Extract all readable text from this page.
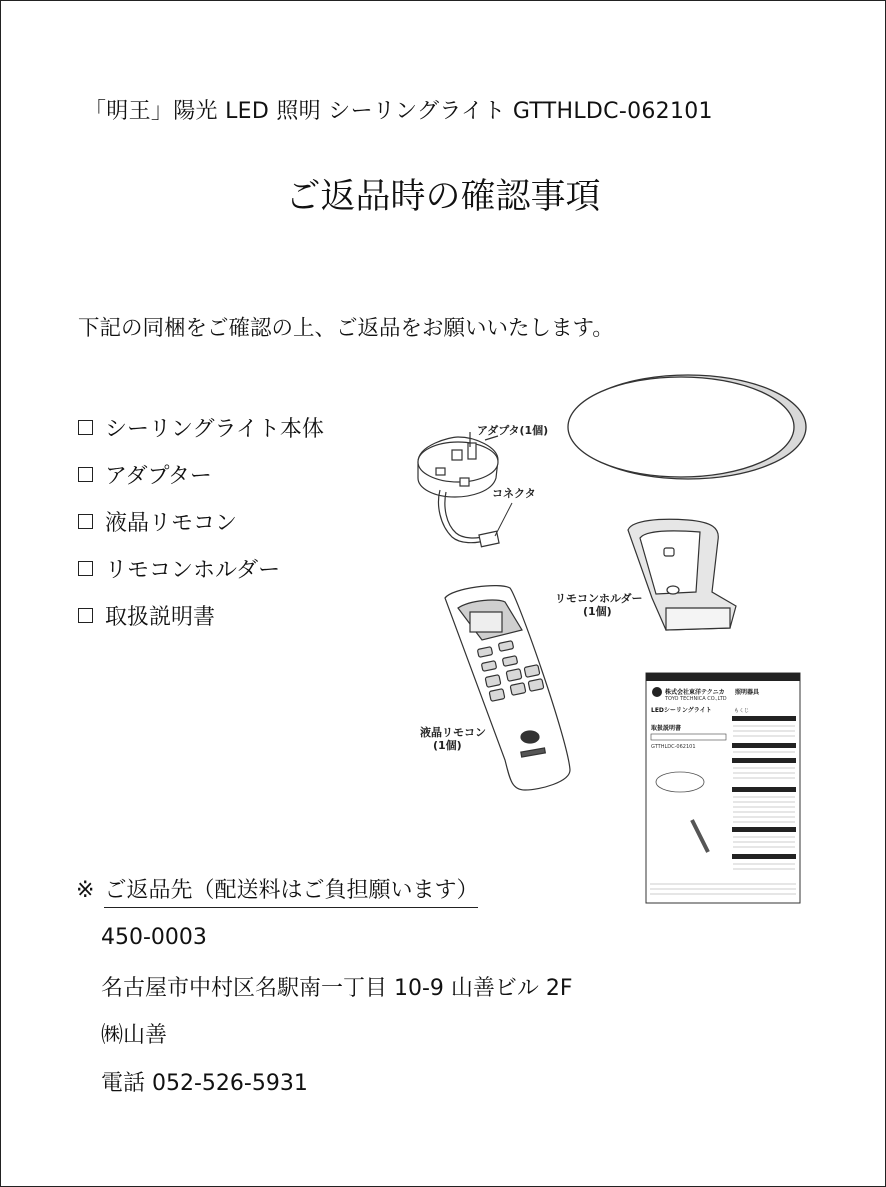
「明王」陽光 LED 照明 シーリングライト GTTHLDC-062101
ご返品時の確認事項
下記の同梱をご確認の上、ご返品をお願いいたします。
シーリングライト本体
アダプター
液晶リモコン
リモコンホルダー
取扱説明書
アダプタ(1個)
コネクタ
リモコンホルダー
(1個)
液晶リモコン
(1個)
株式会社東洋テクニカ
TOYO TECHNICA CO.,LTD
照明器具
LEDシーリングライト
取扱説明書
GTTHLDC-062101
もくじ
※ ご返品先（配送料はご負担願います）
450-0003
名古屋市中村区名駅南一丁目 10-9 山善ビル 2F
㈱山善
電話 052-526-5931
